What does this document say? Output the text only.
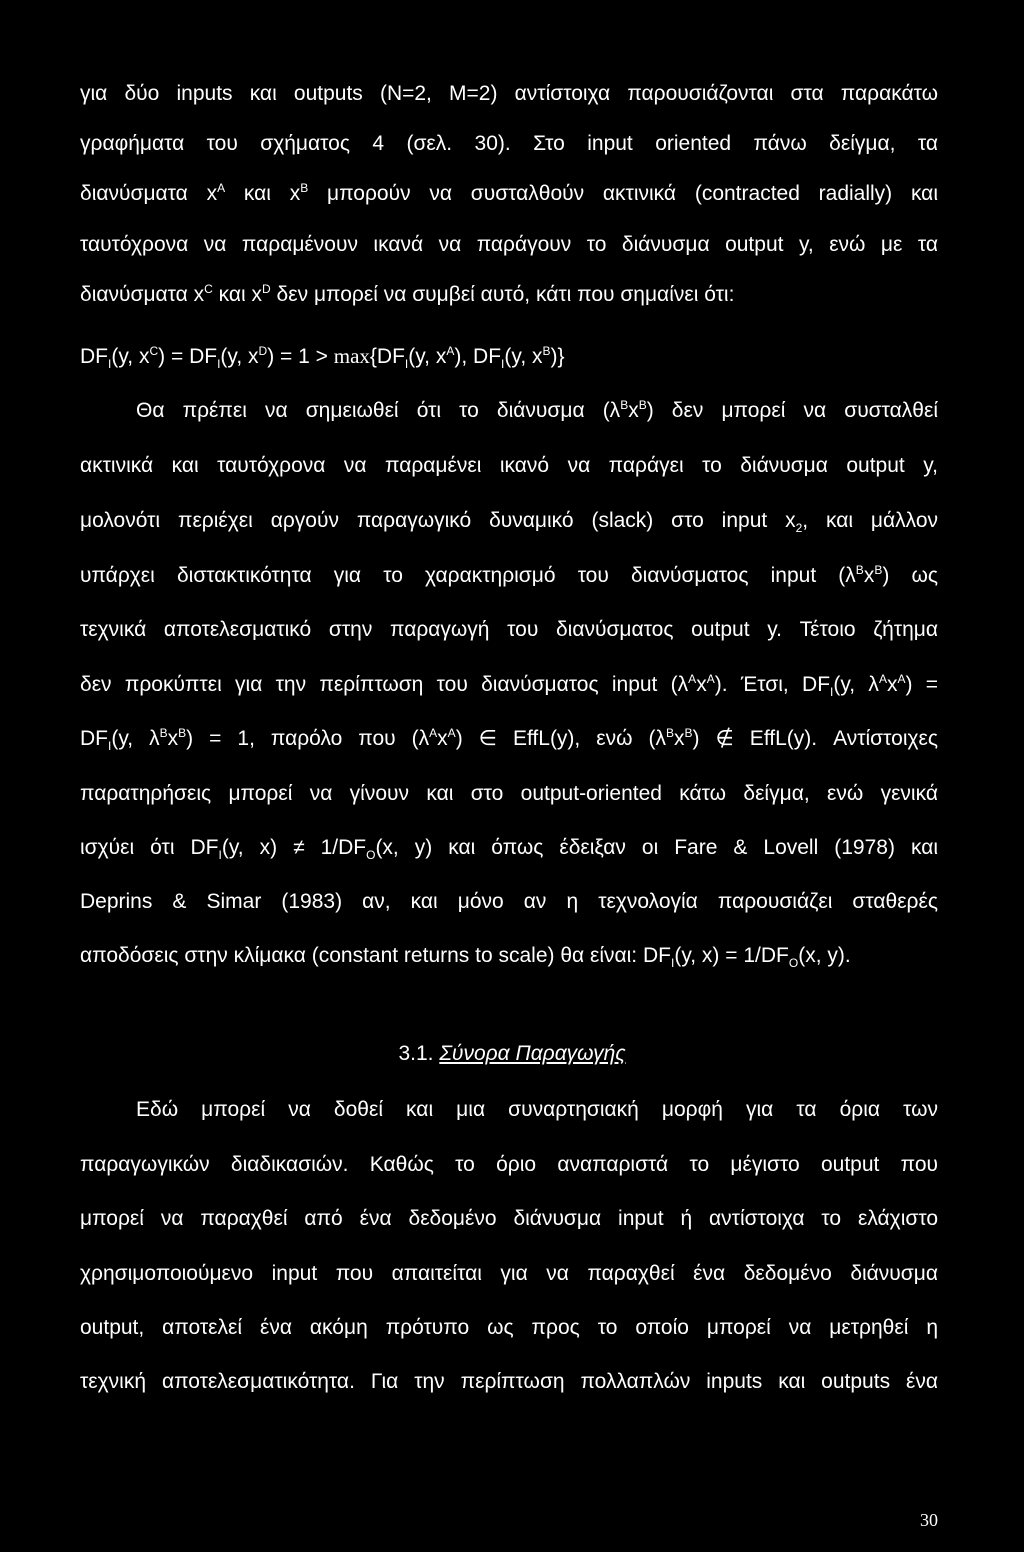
για δύο inputs και outputs (N=2, M=2) αντίστοιχα παρουσιάζονται στα παρακάτω
γραφήματα του σχήματος 4 (σελ. 30). Στο input oriented πάνω δείγμα, τα
διανύσματα $x^A$ και $x^B$ μπορούν να συσταλθούν ακτινικά (contracted radially) και
ταυτόχρονα να παραμένουν ικανά να παράγουν το διάνυσμα output y, ενώ με τα
διανύσματα $x^C$ και $x^D$ δεν μπορεί να συμβεί αυτό, κάτι που σημαίνει ότι:
$DF_I(y$, $x^C) = DF_I(y$, $x^D) = 1 > \max\{DF_I(y$, $x^A$), $DF_I(y$, $x^B$)}
Θα πρέπει να σημειωθεί ότι το διάνυσμα $(\lambda^Bx^B)$ δεν μπορεί να συσταλθεί
ακτινικά και ταυτόχρονα να παραμένει ικανό να παράγει το διάνυσμα output y,
μολονότι περιέχει αργούν παραγωγικό δυναμικό (slack) στο input $x_2$, και μάλλον
υπάρχει διστακτικότητα για το χαρακτηρισμό του διανύσματος input $(\lambda^Bx^B)$ ως
τεχνικά αποτελεσματικό στην παραγωγή του διανύσματος output y. Τέτοιο ζήτημα
δεν προκύπτει για την περίπτωση του διανύσματος input $(\lambda^Ax^A)$. Έτσι, $DF_I(y$, $\lambda^Ax^A$) =
$DF_I(y$, $\lambda^Bx^B) = 1$, παρόλο που $(\lambda^Ax^A)$ ∈ EffL(y), ενώ $(\lambda^Bx^B)$ ∉ EffL(y). Αντίστοιχες
παρατηρήσεις μπορεί να γίνουν και στο output-oriented κάτω δείγμα, ενώ γενικά
ισχύει ότι $DF_I(y$, $x) \ne 1/DF_O(x$, y) και όπως έδειξαν οι Fare & Lovell (1978) και
Deprins & Simar (1983) αν, και μόνο αν η τεχνολογία παρουσιάζει σταθερές
αποδόσεις στην κλίμακα (constant returns to scale) θα είναι: $DF_I(y$, $x) = 1/DF_O(x$, y).
3.1. Σύνορα Παραγωγής
Εδώ μπορεί να δοθεί και μια συναρτησιακή μορφή για τα όρια των
παραγωγικών διαδικασιών. Καθώς το όριο αναπαριστά το μέγιστο output που
μπορεί να παραχθεί από ένα δεδομένο διάνυσμα input ή αντίστοιχα το ελάχιστο
χρησιμοποιούμενο input που απαιτείται για να παραχθεί ένα δεδομένο διάνυσμα
output, αποτελεί ένα ακόμη πρότυπο ως προς το οποίο μπορεί να μετρηθεί η
τεχνική αποτελεσματικότητα. Για την περίπτωση πολλαπλών inputs και outputs ένα
30
